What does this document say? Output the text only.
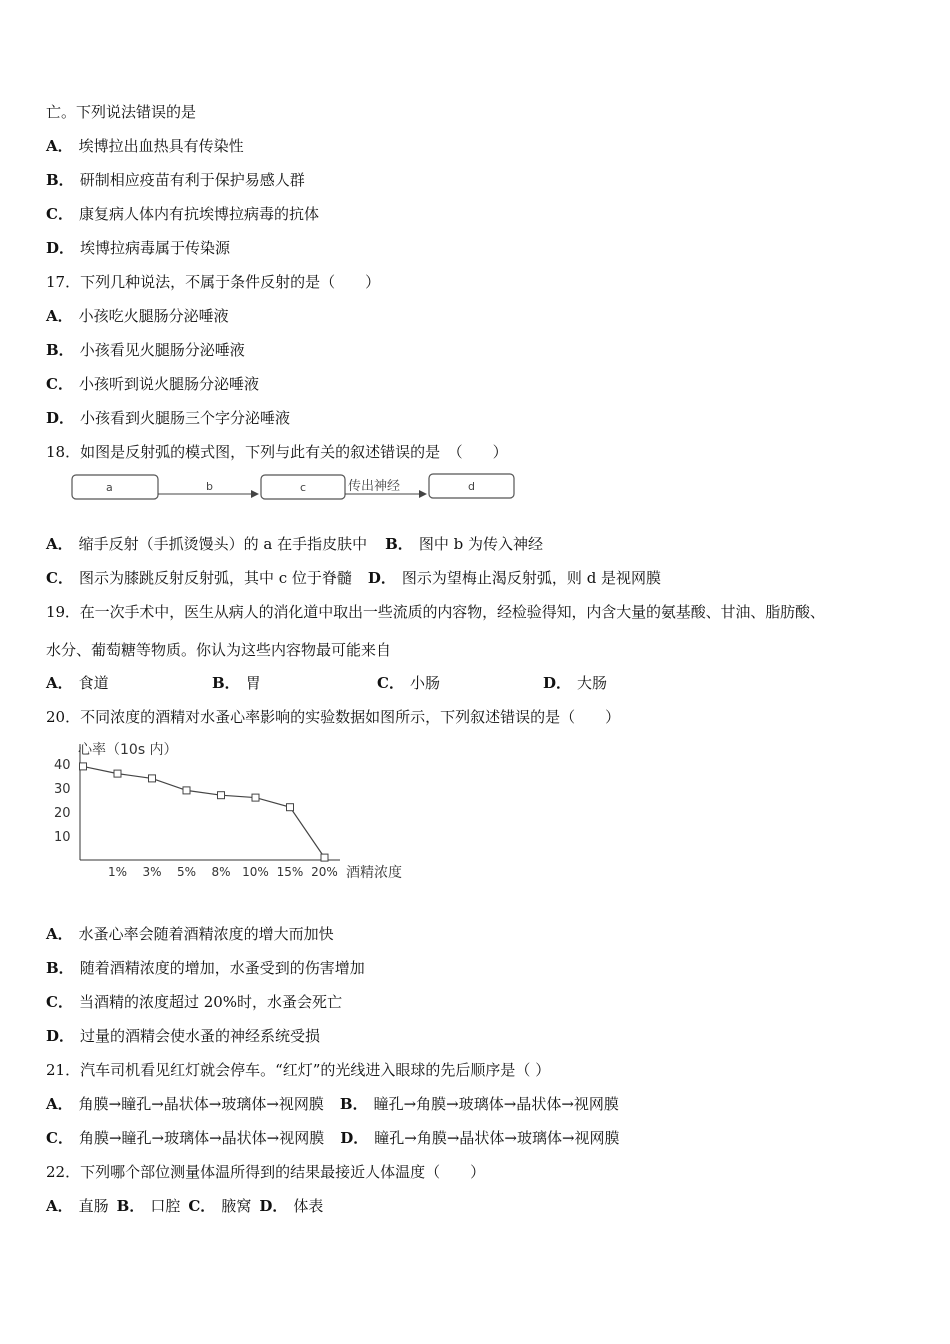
亡。下列说法错误的是
A． 埃博拉出血热具有传染性
B． 研制相应疫苗有利于保护易感人群
C． 康复病人体内有抗埃博拉病毒的抗体
D． 埃博拉病毒属于传染源
17．下列几种说法，不属于条件反射的是（　　）
A． 小孩吃火腿肠分泌唾液
B． 小孩看见火腿肠分泌唾液
C． 小孩听到说火腿肠分泌唾液
D． 小孩看到火腿肠三个字分泌唾液
18．如图是反射弧的模式图，下列与此有关的叙述错误的是　（　　）
a	b	c	传出神经	d
A． 缩手反射（手抓烫馒头）的 a 在手指皮肤中 B． 图中 b 为传入神经
C． 图示为膝跳反射反射弧，其中 c 位于脊髓 D． 图示为望梅止渴反射弧，则 d 是视网膜
19．在一次手术中，医生从病人的消化道中取出一些流质的内容物，经检验得知，内含大量的氨基酸、甘油、脂肪酸、
水分、葡萄糖等物质。你认为这些内容物最可能来自
A． 食道	B． 胃	C． 小肠	D． 大肠
20．不同浓度的酒精对水蚤心率影响的实验数据如图所示，下列叙述错误的是（　　）
心率（10s 内）
酒精浓度
10
20
30
40
1% 3% 5% 8% 10% 15% 20%
A． 水蚤心率会随着酒精浓度的增大而加快
B． 随着酒精浓度的增加，水蚤受到的伤害增加
C． 当酒精的浓度超过 20%时，水蚤会死亡
D． 过量的酒精会使水蚤的神经系统受损
21．汽车司机看见红灯就会停车。“红灯”的光线进入眼球的先后顺序是（ ）
A． 角膜→瞳孔→晶状体→玻璃体→视网膜 B． 瞳孔→角膜→玻璃体→晶状体→视网膜
C． 角膜→瞳孔→玻璃体→晶状体→视网膜 D． 瞳孔→角膜→晶状体→玻璃体→视网膜
22．下列哪个部位测量体温所得到的结果最接近人体温度（　　）
A． 直肠 B． 口腔 C． 腋窝 D． 体表
